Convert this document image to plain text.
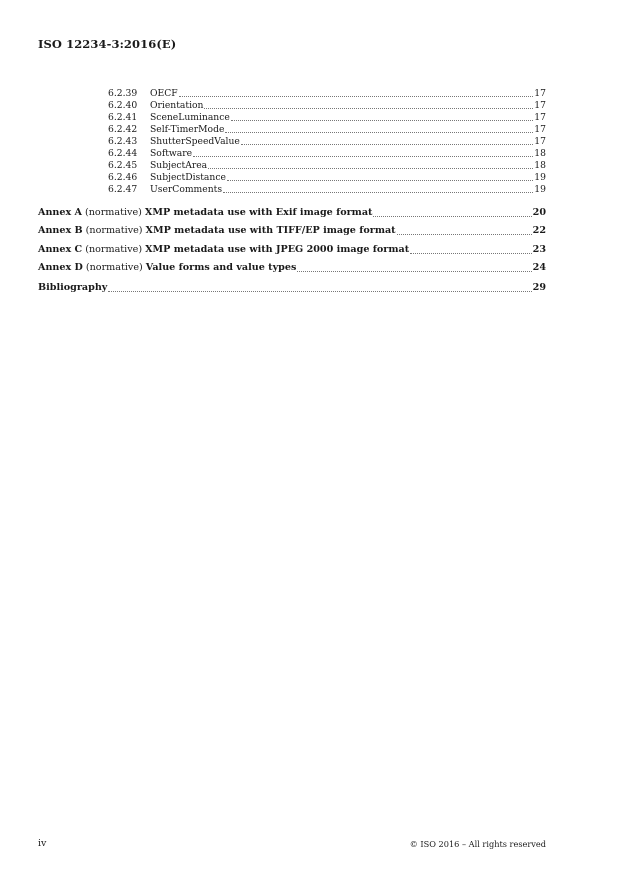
ISO 12234-3:2016(E)
6.2.39	OECF	17
6.2.40	Orientation	17
6.2.41	SceneLuminance	17
6.2.42	Self-TimerMode	17
6.2.43	ShutterSpeedValue	17
6.2.44	Software	18
6.2.45	SubjectArea	18
6.2.46	SubjectDistance	19
6.2.47	UserComments	19
Annex A (normative) XMP metadata use with Exif image format	20
Annex B (normative) XMP metadata use with TIFF/EP image format	22
Annex C (normative) XMP metadata use with JPEG 2000 image format	23
Annex D (normative) Value forms and value types	24
Bibliography	29
iv	© ISO 2016 – All rights reserved
